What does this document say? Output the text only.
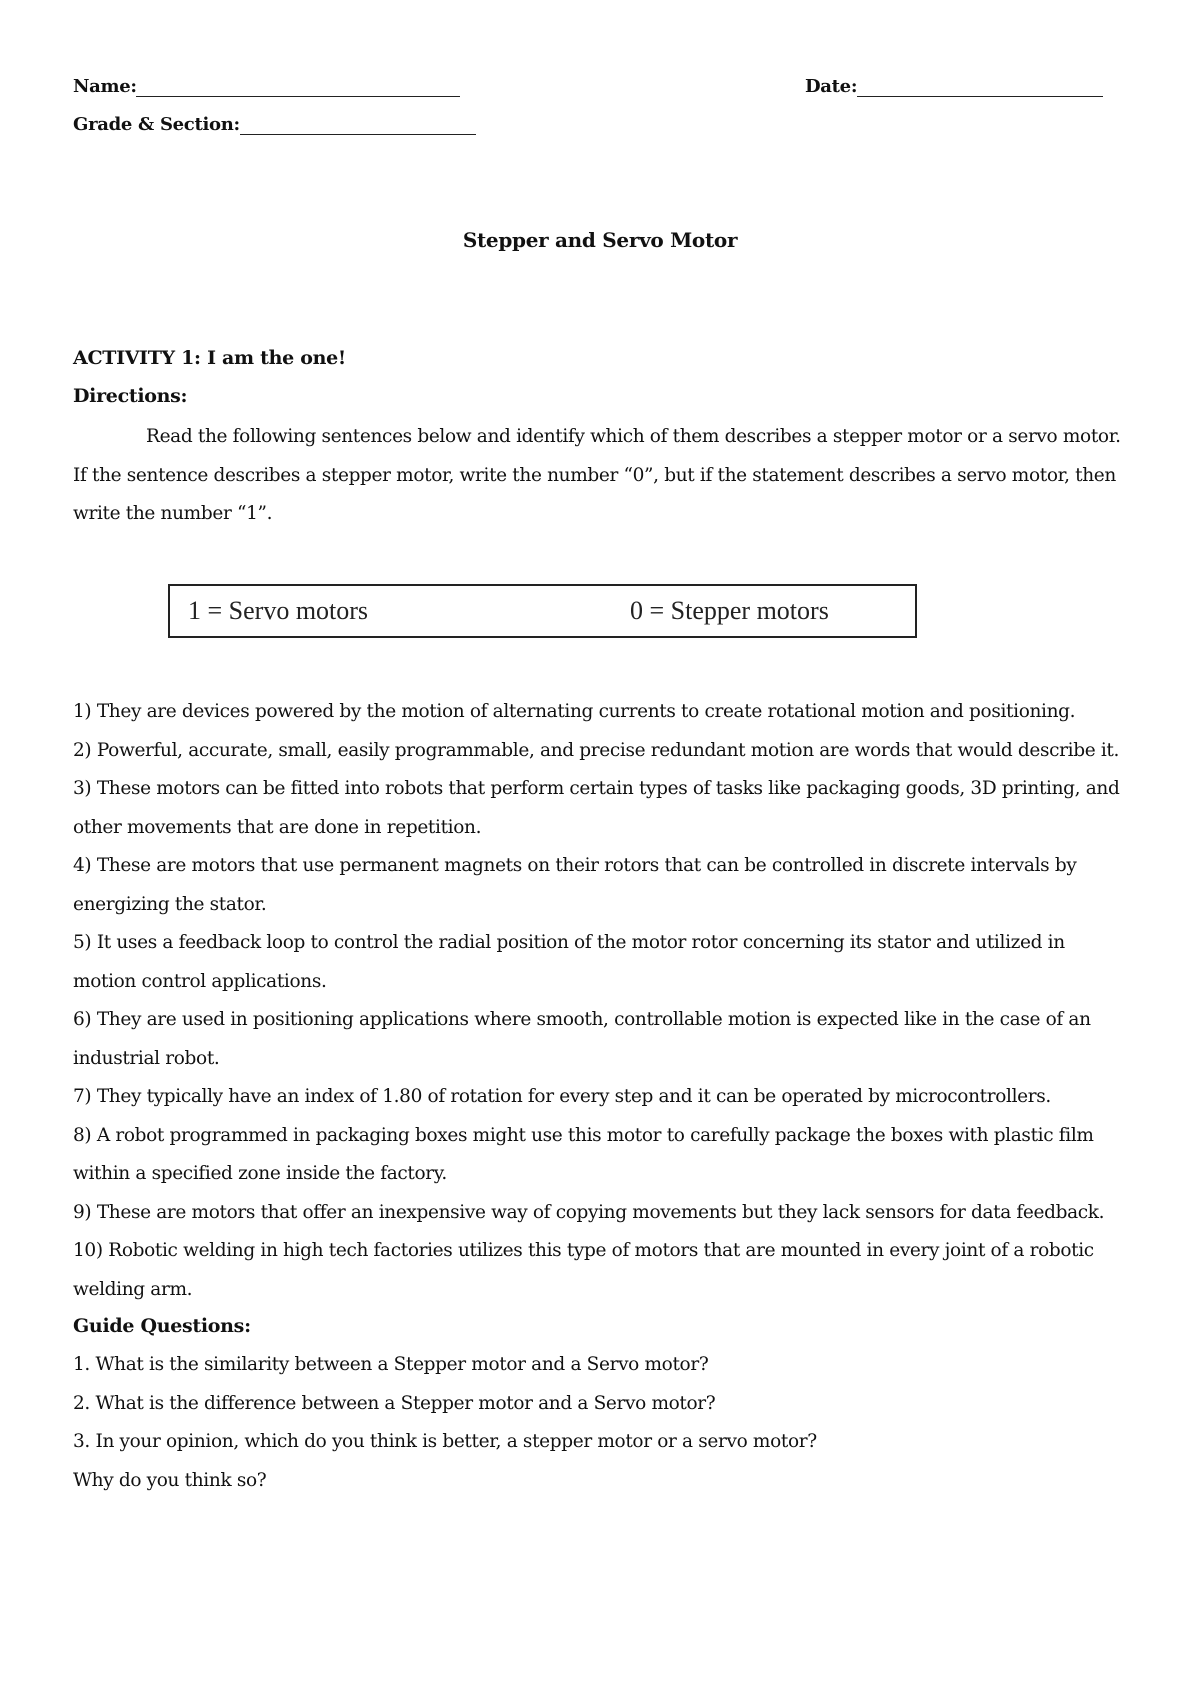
Name:	Date:
Grade & Section:
Stepper and Servo Motor
ACTIVITY 1: I am the one!
Directions:

Read the following sentences below and identify which of them describes a stepper motor or a servo motor. If the sentence describes a stepper motor, write the number “0”, but if the statement describes a servo motor, then write the number “1”.

1 = Servo motors	0 = Stepper motors
1) They are devices powered by the motion of alternating currents to create rotational motion and positioning.
2) Powerful, accurate, small, easily programmable, and precise redundant motion are words that would describe it.
3) These motors can be fitted into robots that perform certain types of tasks like packaging goods, 3D printing, and other movements that are done in repetition.
4) These are motors that use permanent magnets on their rotors that can be controlled in discrete intervals by energizing the stator.
5) It uses a feedback loop to control the radial position of the motor rotor concerning its stator and utilized in motion control applications.
6) They are used in positioning applications where smooth, controllable motion is expected like in the case of an industrial robot.
7) They typically have an index of 1.80 of rotation for every step and it can be operated by microcontrollers.
8) A robot programmed in packaging boxes might use this motor to carefully package the boxes with plastic film within a specified zone inside the factory.
9) These are motors that offer an inexpensive way of copying movements but they lack sensors for data feedback.
10) Robotic welding in high tech factories utilizes this type of motors that are mounted in every joint of a robotic welding arm.
Guide Questions:
1. What is the similarity between a Stepper motor and a Servo motor?
2. What is the difference between a Stepper motor and a Servo motor?
3. In your opinion, which do you think is better, a stepper motor or a servo motor?
Why do you think so?
